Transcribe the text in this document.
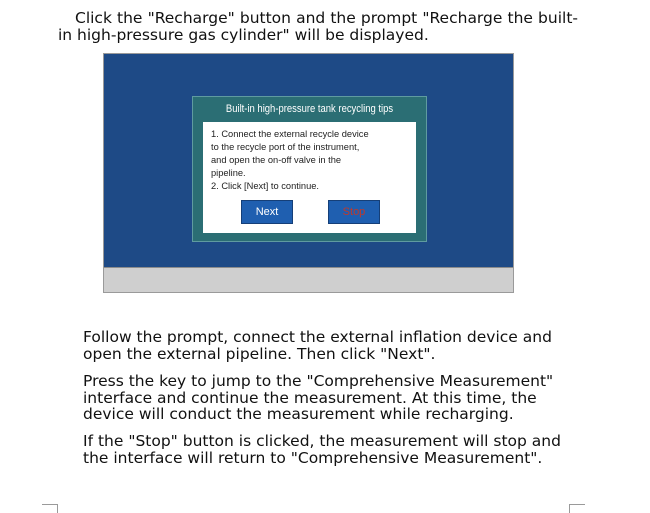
Click the "Recharge" button and the prompt "Recharge the built-in high-pressure gas cylinder" will be displayed.

Built-in high-pressure tank recycling tips
1. Connect the external recycle device
to the recycle port of the instrument,
and open the on-off valve in the
pipeline.
2. Click [Next] to continue.
Next	Stop

Follow the prompt, connect the external inflation device and open the external pipeline. Then click "Next".

Press the key to jump to the "Comprehensive Measurement" interface and continue the measurement. At this time, the device will conduct the measurement while recharging.

If the "Stop" button is clicked, the measurement will stop and the interface will return to "Comprehensive Measurement".
